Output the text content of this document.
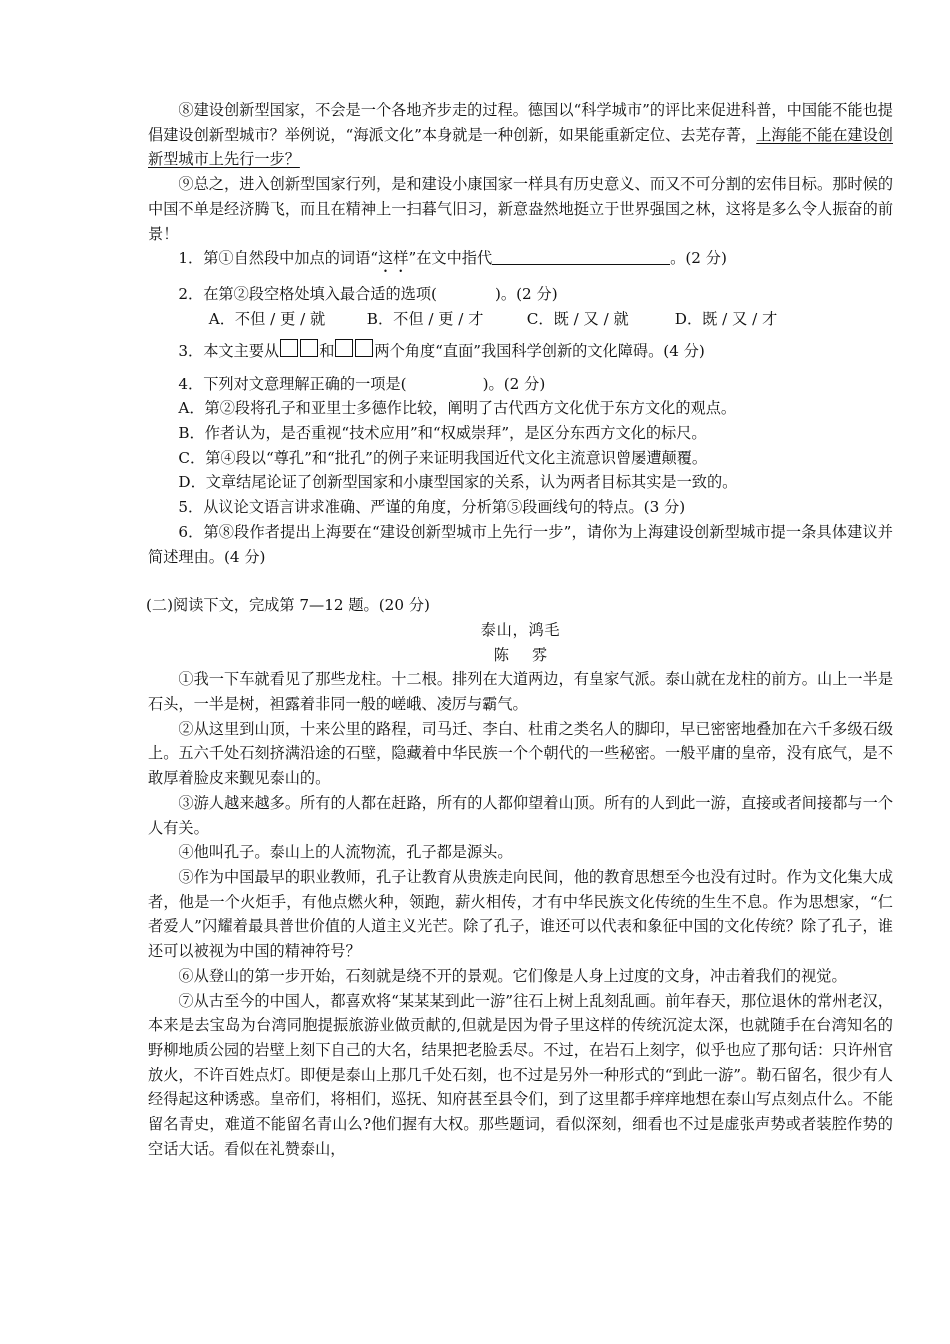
⑧建设创新型国家，不会是一个各地齐步走的过程。德国以“科学城市”的评比来促进科普，中国能不能也提倡建设创新型城市？举例说，“海派文化”本身就是一种创新，如果能重新定位、去芜存菁，上海能不能在建设创新型城市上先行一步？

⑨总之，进入创新型国家行列，是和建设小康国家一样具有历史意义、而又不可分割的宏伟目标。那时候的中国不单是经济腾飞，而且在精神上一扫暮气旧习，新意盎然地挺立于世界强国之林，这将是多么令人振奋的前景！

1．第①自然段中加点的词语“这样”在文中指代	。(2 分)

2．在第②段空格处填入最合适的选项(	)。(2 分)

A．不但 / 更 / 就	B．不但 / 更 / 才	C．既 / 又 / 就	D．既 / 又 / 才

3．本文主要从	和	两个角度“直面”我国科学创新的文化障碍。(4 分)

4．下列对文意理解正确的一项是(	)。(2 分)

A．第②段将孔子和亚里士多德作比较，阐明了古代西方文化优于东方文化的观点。

B．作者认为，是否重视“技术应用”和“权威崇拜”，是区分东西方文化的标尺。

C．第④段以“尊孔”和“批孔”的例子来证明我国近代文化主流意识曾屡遭颠覆。

D．文章结尾论证了创新型国家和小康型国家的关系，认为两者目标其实是一致的。

5．从议论文语言讲求准确、严谨的角度，分析第⑤段画线句的特点。(3 分)

6．第⑧段作者提出上海要在“建设创新型城市上先行一步”，请你为上海建设创新型城市提一条具体建议并简述理由。(4 分)

(二)阅读下文，完成第 7—12 题。(20 分)

泰山，鸿毛

陈 雰

①我一下车就看见了那些龙柱。十二根。排列在大道两边，有皇家气派。泰山就在龙柱的前方。山上一半是石头，一半是树，袒露着非同一般的嵯峨、凌厉与霸气。

②从这里到山顶，十来公里的路程，司马迁、李白、杜甫之类名人的脚印，早已密密地叠加在六千多级石级上。五六千处石刻挤满沿途的石壁，隐藏着中华民族一个个朝代的一些秘密。一般平庸的皇帝，没有底气，是不敢厚着脸皮来觐见泰山的。

③游人越来越多。所有的人都在赶路，所有的人都仰望着山顶。所有的人到此一游，直接或者间接都与一个人有关。

④他叫孔子。泰山上的人流物流，孔子都是源头。

⑤作为中国最早的职业教师，孔子让教育从贵族走向民间，他的教育思想至今也没有过时。作为文化集大成者，他是一个火炬手，有他点燃火种，领跑，薪火相传，才有中华民族文化传统的生生不息。作为思想家，“仁者爱人”闪耀着最具普世价值的人道主义光芒。除了孔子，谁还可以代表和象征中国的文化传统？除了孔子，谁还可以被视为中国的精神符号？

⑥从登山的第一步开始，石刻就是绕不开的景观。它们像是人身上过度的文身，冲击着我们的视觉。

⑦从古至今的中国人，都喜欢将“某某某到此一游”往石上树上乱刻乱画。前年春天，那位退休的常州老汉，本来是去宝岛为台湾同胞提振旅游业做贡献的,但就是因为骨子里这样的传统沉淀太深，也就随手在台湾知名的野柳地质公园的岩壁上刻下自己的大名，结果把老脸丢尽。不过，在岩石上刻字，似乎也应了那句话：只许州官放火，不许百姓点灯。即便是泰山上那几千处石刻，也不过是另外一种形式的“到此一游”。勒石留名，很少有人经得起这种诱惑。皇帝们，将相们，巡抚、知府甚至县令们，到了这里都手痒痒地想在泰山写点刻点什么。不能留名青史，难道不能留名青山么?他们握有大权。那些题词，看似深刻，细看也不过是虚张声势或者装腔作势的空话大话。看似在礼赞泰山，
